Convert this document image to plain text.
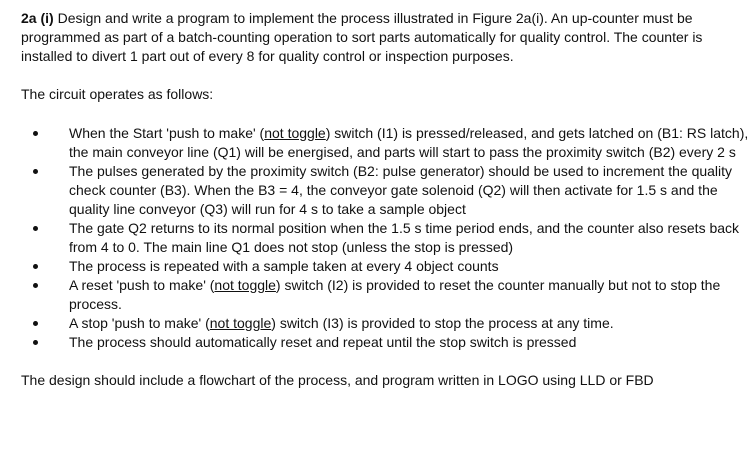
2a (i) Design and write a program to implement the process illustrated in Figure 2a(i). An up-counter must be programmed as part of a batch-counting operation to sort parts automatically for quality control. The counter is installed to divert 1 part out of every 8 for quality control or inspection purposes.

The circuit operates as follows:

When the Start 'push to make' (not toggle) switch (I1) is pressed/released, and gets latched on (B1: RS latch), the main conveyor line (Q1) will be energised, and parts will start to pass the proximity switch (B2) every 2 s
The pulses generated by the proximity switch (B2: pulse generator) should be used to increment the quality check counter (B3). When the B3 = 4, the conveyor gate solenoid (Q2) will then activate for 1.5 s and the quality line conveyor (Q3) will run for 4 s to take a sample object
The gate Q2 returns to its normal position when the 1.5 s time period ends, and the counter also resets back from 4 to 0. The main line Q1 does not stop (unless the stop is pressed)
The process is repeated with a sample taken at every 4 object counts
A reset 'push to make' (not toggle) switch (I2) is provided to reset the counter manually but not to stop the process.
A stop 'push to make' (not toggle) switch (I3) is provided to stop the process at any time.
The process should automatically reset and repeat until the stop switch is pressed

The design should include a flowchart of the process, and program written in LOGO using LLD or FBD
